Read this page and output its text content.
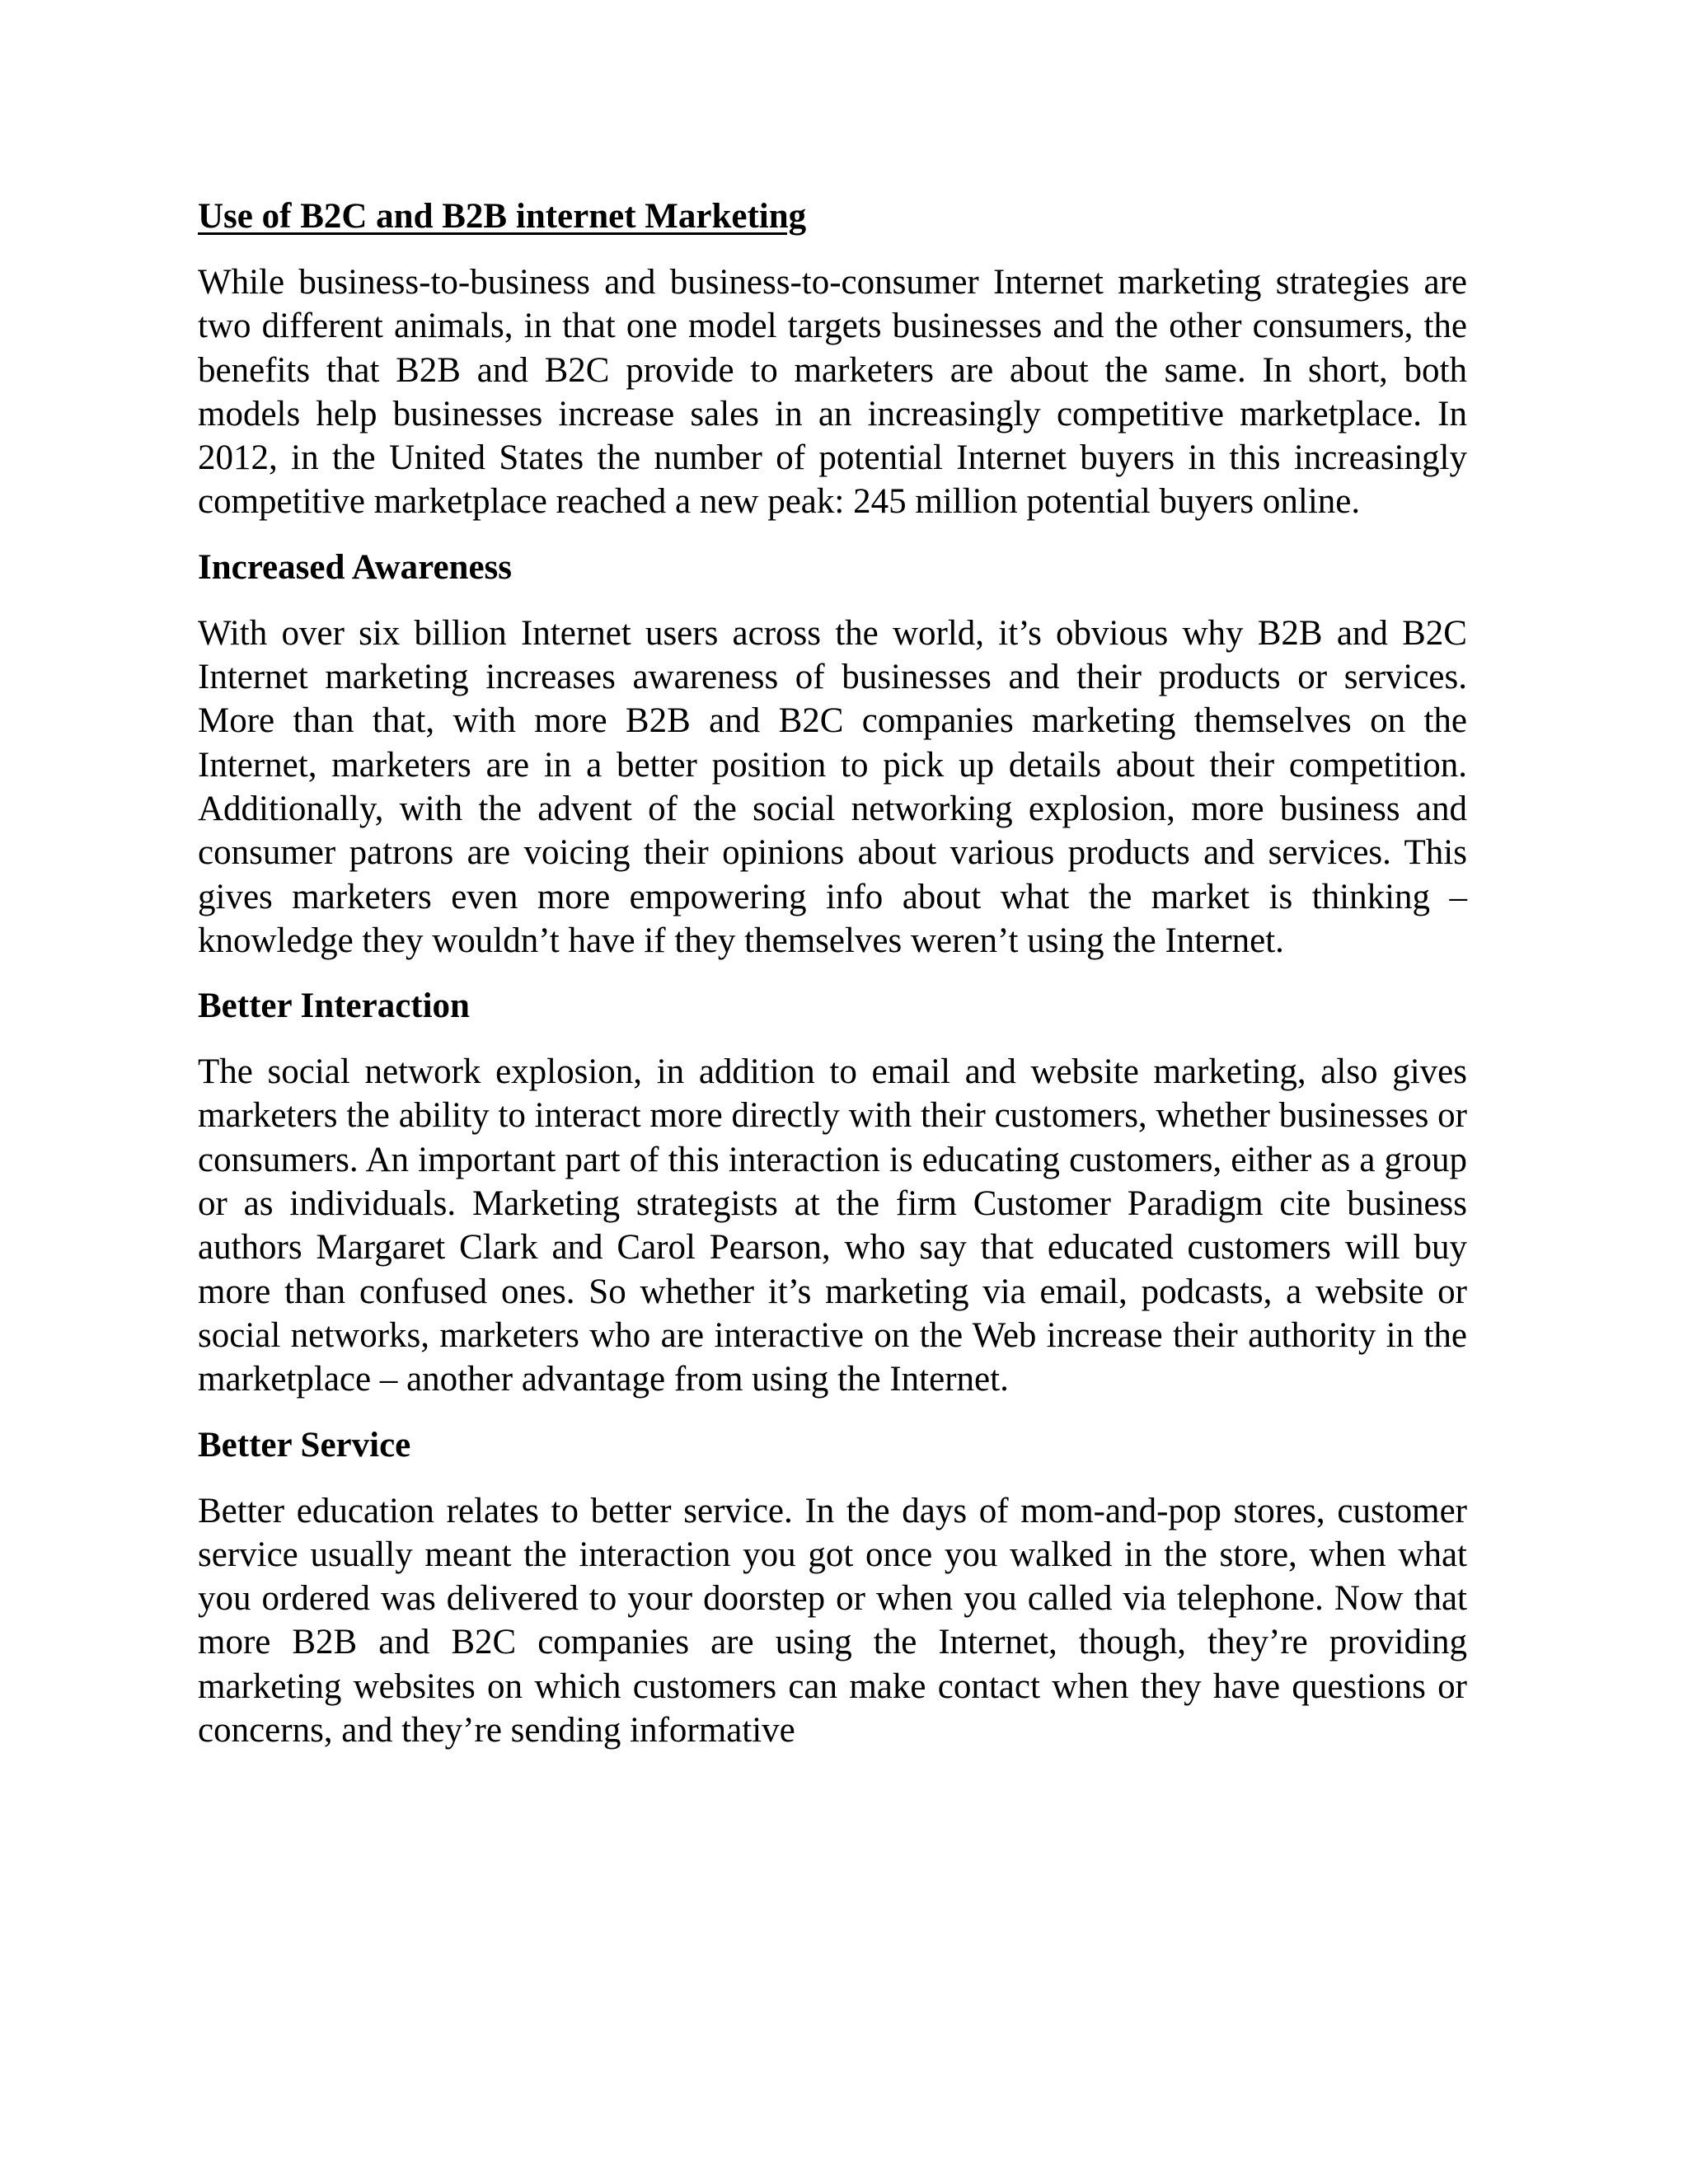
Use of B2C and B2B internet Marketing

While business-to-business and business-to-consumer Internet marketing strategies are two different animals, in that one model targets businesses and the other consumers, the benefits that B2B and B2C provide to marketers are about the same. In short, both models help businesses increase sales in an increasingly competitive marketplace. In 2012, in the United States the number of potential Internet buyers in this increasingly competitive marketplace reached a new peak: 245 million potential buyers online.

Increased Awareness

With over six billion Internet users across the world, it’s obvious why B2B and B2C Internet marketing increases awareness of businesses and their products or services. More than that, with more B2B and B2C companies marketing themselves on the Internet, marketers are in a better position to pick up details about their competition. Additionally, with the advent of the social networking explosion, more business and consumer patrons are voicing their opinions about various products and services. This gives marketers even more empowering info about what the market is thinking – knowledge they wouldn’t have if they themselves weren’t using the Internet.

Better Interaction

The social network explosion, in addition to email and website marketing, also gives marketers the ability to interact more directly with their customers, whether businesses or consumers. An important part of this interaction is educating customers, either as a group or as individuals. Marketing strategists at the firm Customer Paradigm cite business authors Margaret Clark and Carol Pearson, who say that educated customers will buy more than confused ones. So whether it’s marketing via email, podcasts, a website or social networks, marketers who are interactive on the Web increase their authority in the marketplace – another advantage from using the Internet.

Better Service

Better education relates to better service. In the days of mom-and-pop stores, customer service usually meant the interaction you got once you walked in the store, when what you ordered was delivered to your doorstep or when you called via telephone. Now that more B2B and B2C companies are using the Internet, though, they’re providing marketing websites on which customers can make contact when they have questions or concerns, and they’re sending informative
